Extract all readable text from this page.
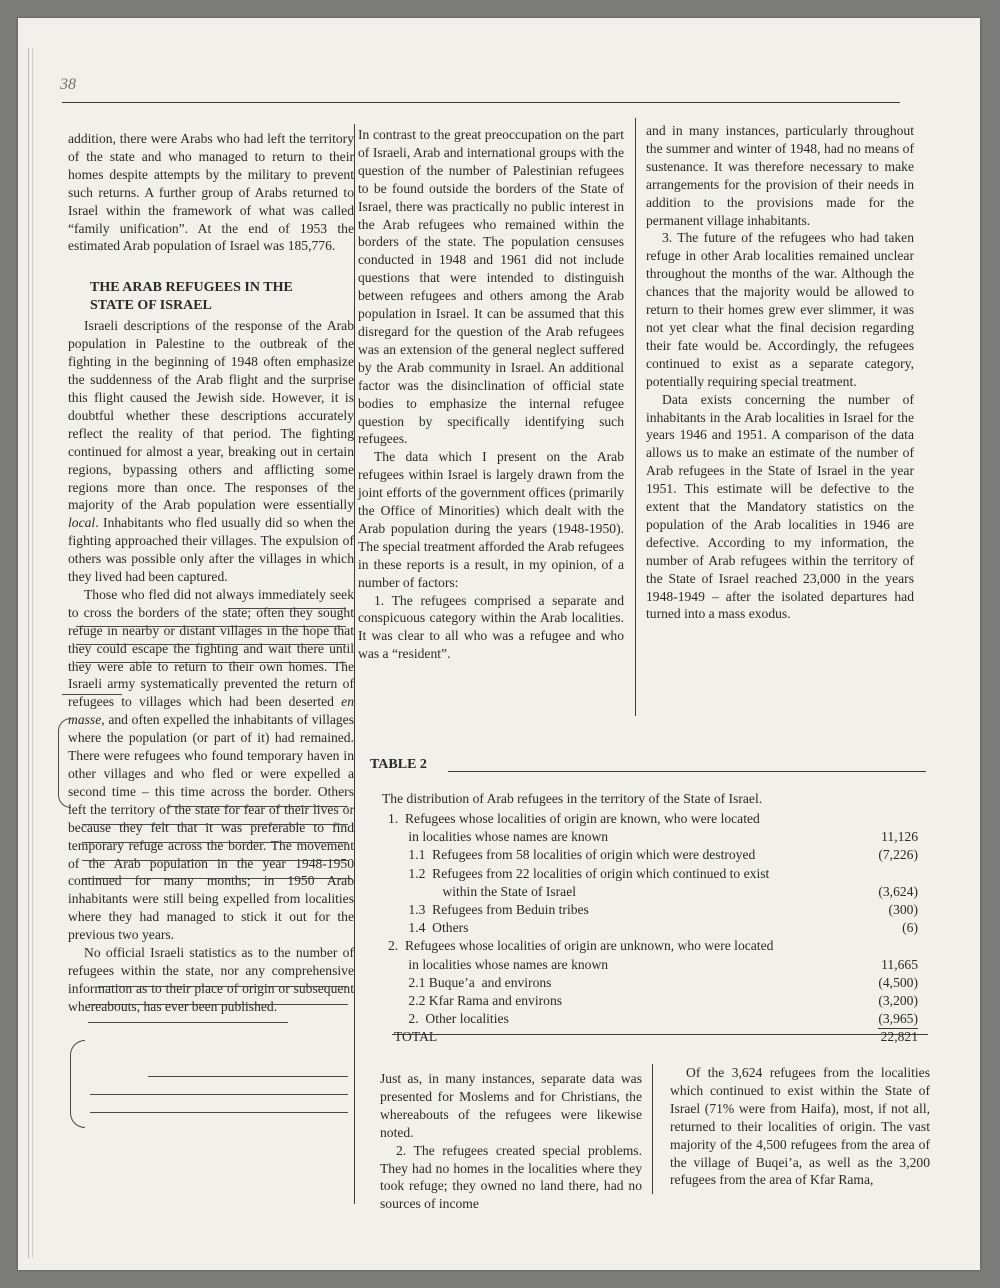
38

addition, there were Arabs who had left the territory of the state and who managed to return to their homes despite attempts by the military to prevent such returns. A further group of Arabs returned to Israel within the framework of what was called “family unification”. At the end of 1953 the estimated Arab population of Israel was 185,776.

THE ARAB REFUGEES IN THE STATE OF ISRAEL

Israeli descriptions of the response of the Arab population in Palestine to the outbreak of the fighting in the beginning of 1948 often emphasize the suddenness of the Arab flight and the surprise this flight caused the Jewish side. However, it is doubtful whether these descriptions accurately reflect the reality of that period. The fighting continued for almost a year, breaking out in certain regions, bypassing others and afflicting some regions more than once. The responses of the majority of the Arab population were essentially local. Inhabitants who fled usually did so when the fighting approached their villages. The expulsion of others was possible only after the villages in which they lived had been captured.

Those who fled did not always immediately seek to cross the borders of the state; often they sought refuge in nearby or distant villages in the hope that they could escape the fighting and wait there until they were able to return to their own homes. The Israeli army systematically prevented the return of refugees to villages which had been deserted en masse, and often expelled the inhabitants of villages where the population (or part of it) had remained. There were refugees who found temporary haven in other villages and who fled or were expelled a second time – this time across the border. Others left the territory of the state for fear of their lives or because they felt that it was preferable to find temporary refuge across the border. The movement of the Arab population in the year 1948-1950 continued for many months; in 1950 Arab inhabitants were still being expelled from localities where they had managed to stick it out for the previous two years.

No official Israeli statistics as to the number of refugees within the state, nor any comprehensive information as to their place of origin or subsequent whereabouts, has ever been published.

In contrast to the great preoccupation on the part of Israeli, Arab and international groups with the question of the number of Palestinian refugees to be found outside the borders of the State of Israel, there was practically no public interest in the Arab refugees who remained within the borders of the state. The population censuses conducted in 1948 and 1961 did not include questions that were intended to distinguish between refugees and others among the Arab population in Israel. It can be assumed that this disregard for the question of the Arab refugees was an extension of the general neglect suffered by the Arab community in Israel. An additional factor was the disinclination of official state bodies to emphasize the internal refugee question by specifically identifying such refugees.

The data which I present on the Arab refugees within Israel is largely drawn from the joint efforts of the government offices (primarily the Office of Minorities) which dealt with the Arab population during the years (1948-1950). The special treatment afforded the Arab refugees in these reports is a result, in my opinion, of a number of factors:

1. The refugees comprised a separate and conspicuous category within the Arab localities. It was clear to all who was a refugee and who was a “resident”.

and in many instances, particularly throughout the summer and winter of 1948, had no means of sustenance. It was therefore necessary to make arrangements for the provision of their needs in addition to the provisions made for the permanent village inhabitants.

3. The future of the refugees who had taken refuge in other Arab localities remained unclear throughout the months of the war. Although the chances that the majority would be allowed to return to their homes grew ever slimmer, it was not yet clear what the final decision regarding their fate would be. Accordingly, the refugees continued to exist as a separate category, potentially requiring special treatment.

Data exists concerning the number of inhabitants in the Arab localities in Israel for the years 1946 and 1951. A comparison of the data allows us to make an estimate of the number of Arab refugees in the State of Israel in the year 1951. This estimate will be defective to the extent that the Mandatory statistics on the population of the Arab localities in 1946 are defective. According to my information, the number of Arab refugees within the territory of the State of Israel reached 23,000 in the years 1948-1949 – after the isolated departures had turned into a mass exodus.

TABLE 2
The distribution of Arab refugees in the territory of the State of Israel.
1.  Refugees whose localities of origin are known, who were located
in localities whose names are known	11,126
1.1  Refugees from 58 localities of origin which were destroyed	(7,226)
1.2  Refugees from 22 localities of origin which continued to exist
within the State of Israel	(3,624)
1.3  Refugees from Beduin tribes	(300)
1.4  Others	(6)
2.  Refugees whose localities of origin are unknown, who were located
in localities whose names are known	11,665
2.1 Buque’a  and environs	(4,500)
2.2 Kfar Rama and environs	(3,200)
2.  Other localities	(3,965)
TOTAL	22,821

Just as, in many instances, separate data was presented for Moslems and for Christians, the whereabouts of the refugees were likewise noted.

2. The refugees created special problems. They had no homes in the localities where they took refuge; they owned no land there, had no sources of income

Of the 3,624 refugees from the localities which continued to exist within the State of Israel (71% were from Haifa), most, if not all, returned to their localities of origin. The vast majority of the 4,500 refugees from the area of the village of Buqei’a, as well as the 3,200 refugees from the area of Kfar Rama,
